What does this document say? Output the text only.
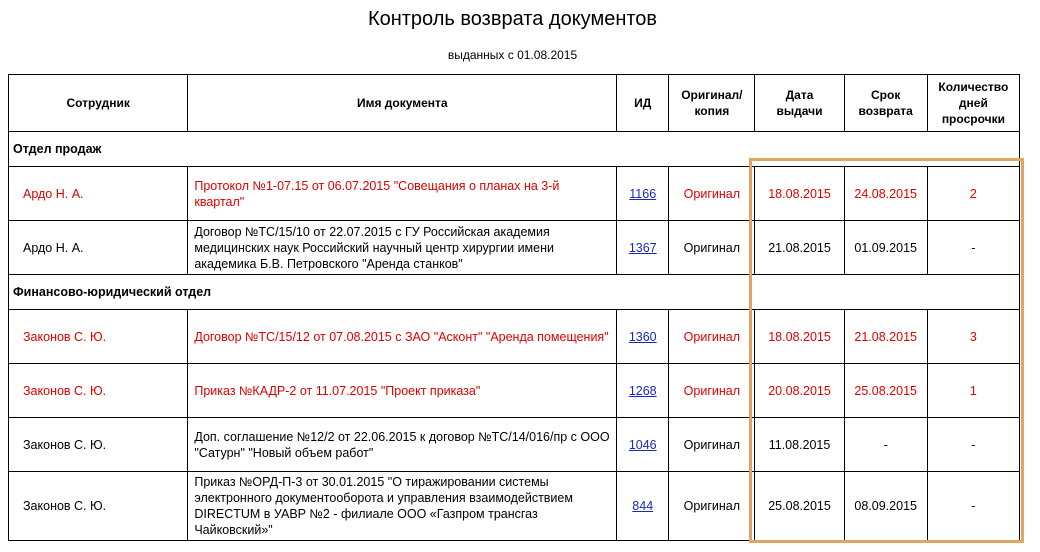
Контроль возврата документов
выданных с 01.08.2015
Сотрудник	Имя документа	ИД	Оригинал/ копия	Дата выдачи	Срок возврата	Количество дней просрочки
Отдел продаж						
Ардо Н. А.	Протокол №1-07.15 от 06.07.2015 "Совещания о планах на 3-й квартал"	1166	Оригинал	18.08.2015	24.08.2015	2
Ардо Н. А.	Договор №TC/15/10 от 22.07.2015 с ГУ Российская академия медицинских наук Российский научный центр хирургии имени академика Б.В. Петровского "Аренда станков"	1367	Оригинал	21.08.2015	01.09.2015	-
Финансово-юридический отдел						
Законов С. Ю.	Договор №TC/15/12 от 07.08.2015 с ЗАО "Асконт" "Аренда помещения"	1360	Оригинал	18.08.2015	21.08.2015	3
Законов С. Ю.	Приказ №КАДР-2 от 11.07.2015 "Проект приказа"	1268	Оригинал	20.08.2015	25.08.2015	1
Законов С. Ю.	Доп. соглашение №12/2 от 22.06.2015 к договор №TC/14/016/пр с ООО "Сатурн" "Новый объем работ"	1046	Оригинал	11.08.2015	-	-
Законов С. Ю.	Приказ №ОРД-П-3 от 30.01.2015 "О тиражировании системы электронного документооборота и управления взаимодействием DIRECTUM в УАВР №2 - филиале ООО «Газпром трансгаз Чайковский»"	844	Оригинал	25.08.2015	08.09.2015	-
